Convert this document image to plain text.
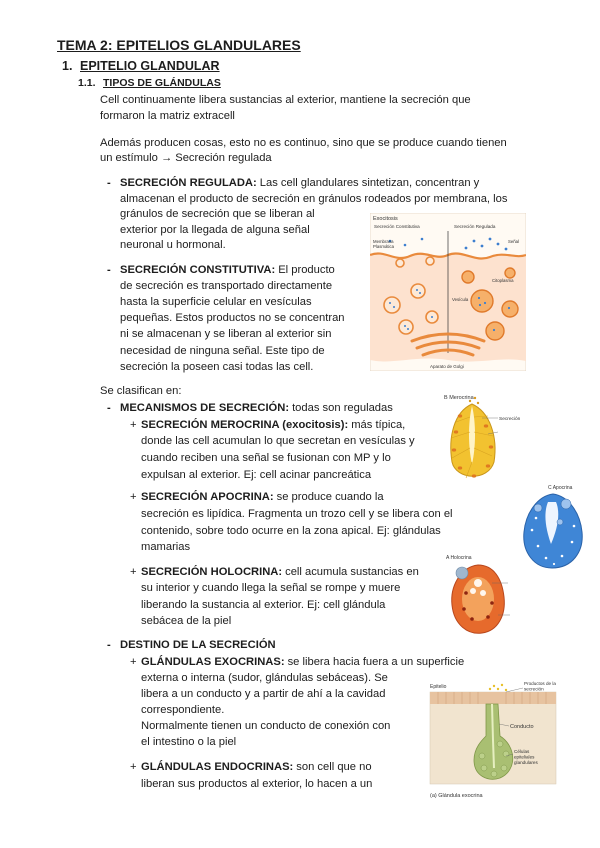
TEMA 2: EPITELIOS GLANDULARES
1. EPITELIO GLANDULAR
1.1. TIPOS DE GLÁNDULAS
Cell continuamente libera sustancias al exterior, mantiene la secreción que
formaron la matriz extracell
Además producen cosas, esto no es continuo, sino que se produce cuando tienen
un estímulo → Secreción regulada
- SECRECIÓN REGULADA: Las cell glandulares sintetizan, concentran y
almacenan el producto de secreción en gránulos rodeados por membrana, los
gránulos de secreción que se liberan al
exterior por la llegada de alguna señal
neuronal u hormonal.
- SECRECIÓN CONSTITUTIVA: El producto
de secreción es transportado directamente
hasta la superficie celular en vesículas
pequeñas. Estos productos no se concentran
ni se almacenan y se liberan al exterior sin
necesidad de ninguna señal. Este tipo de
secreción la poseen casi todas las cell.
Se clasifican en:
- MECANISMOS DE SECRECIÓN: todas son reguladas
+ SECRECIÓN MEROCRINA (exocitosis): más típica,
donde las cell acumulan lo que secretan en vesículas y
cuando reciben una señal se fusionan con MP y lo
expulsan al exterior. Ej: cell acinar pancreática
+ SECRECIÓN APOCRINA: se produce cuando la
secreción es lipídica. Fragmenta un trozo cell y se libera con el
contenido, sobre todo ocurre en la zona apical. Ej: glándulas
mamarias
+ SECRECIÓN HOLOCRINA: cell acumula sustancias en
su interior y cuando llega la señal se rompe y muere
liberando la sustancia al exterior. Ej: cell glándula
sebácea de la piel
- DESTINO DE LA SECRECIÓN
+ GLÁNDULAS EXOCRINAS: se libera hacia fuera a un superficie
externa o interna (sudor, glándulas sebáceas). Se
libera a un conducto y a partir de ahí a la cavidad
correspondiente.
Normalmente tienen un conducto de conexión con
el intestino o la piel
+ GLÁNDULAS ENDOCRINAS: son cell que no
liberan sus productos al exterior, lo hacen a un
Exocitosis
Secreción Constitutiva	Secreción Regulada
Membrana
Plasmática
Señal
Citoplasma
Vesícula
Aparato de Golgi
B Merocrina
Secreción
C Apocrina
A Holocrina
Epitelio
Productos de la
secreción
Conducto
Células
epiteliales
glandulares
(a) Glándula exocrina
